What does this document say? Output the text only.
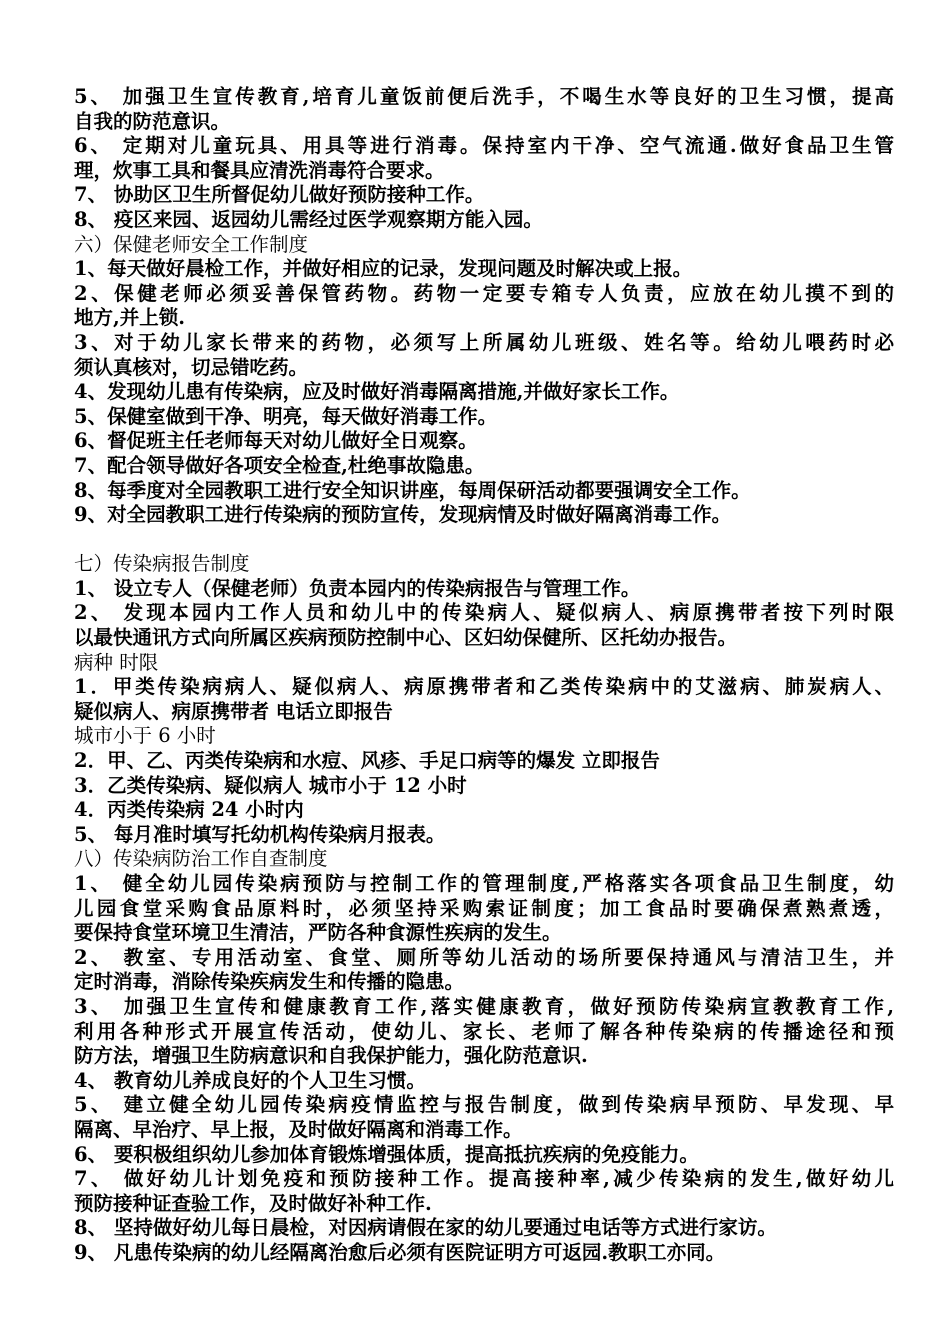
5、 加强卫生宣传教育,培育儿童饭前便后洗手，不喝生水等良好的卫生习惯，提高
自我的防范意识。
6、 定期对儿童玩具、用具等进行消毒。保持室内干净、空气流通.做好食品卫生管
理，炊事工具和餐具应清洗消毒符合要求。
7、 协助区卫生所督促幼儿做好预防接种工作。
8、 疫区来园、返园幼儿需经过医学观察期方能入园。
六）保健老师安全工作制度
1、每天做好晨检工作，并做好相应的记录，发现问题及时解决或上报。
2、保健老师必须妥善保管药物。药物一定要专箱专人负责，应放在幼儿摸不到的
地方,并上锁.
3、对于幼儿家长带来的药物，必须写上所属幼儿班级、姓名等。给幼儿喂药时必
须认真核对，切忌错吃药。
4、发现幼儿患有传染病，应及时做好消毒隔离措施,并做好家长工作。
5、保健室做到干净、明亮，每天做好消毒工作。
6、督促班主任老师每天对幼儿做好全日观察。
7、配合领导做好各项安全检查,杜绝事故隐患。
8、每季度对全园教职工进行安全知识讲座，每周保研活动都要强调安全工作。
9、对全园教职工进行传染病的预防宣传，发现病情及时做好隔离消毒工作。
七）传染病报告制度
1、 设立专人（保健老师）负责本园内的传染病报告与管理工作。
2、 发现本园内工作人员和幼儿中的传染病人、疑似病人、病原携带者按下列时限
以最快通讯方式向所属区疾病预防控制中心、区妇幼保健所、区托幼办报告。
病种 时限
1．甲类传染病病人、疑似病人、病原携带者和乙类传染病中的艾滋病、肺炭病人、
疑似病人、病原携带者 电话立即报告
城市小于 6 小时
2．甲、乙、丙类传染病和水痘、风疹、手足口病等的爆发 立即报告
3．乙类传染病、疑似病人 城市小于 12 小时
4．丙类传染病 24 小时内
5、 每月准时填写托幼机构传染病月报表。
八）传染病防治工作自查制度
1、 健全幼儿园传染病预防与控制工作的管理制度,严格落实各项食品卫生制度，幼
儿园食堂采购食品原料时，必须坚持采购索证制度；加工食品时要确保煮熟煮透，
要保持食堂环境卫生清洁，严防各种食源性疾病的发生。
2、 教室、专用活动室、食堂、厕所等幼儿活动的场所要保持通风与清洁卫生，并
定时消毒，消除传染疾病发生和传播的隐患。
3、 加强卫生宣传和健康教育工作,落实健康教育，做好预防传染病宣教教育工作,
利用各种形式开展宣传活动，使幼儿、家长、老师了解各种传染病的传播途径和预
防方法，增强卫生防病意识和自我保护能力，强化防范意识.
4、 教育幼儿养成良好的个人卫生习惯。
5、 建立健全幼儿园传染病疫情监控与报告制度，做到传染病早预防、早发现、早
隔离、早治疗、早上报，及时做好隔离和消毒工作。
6、 要积极组织幼儿参加体育锻炼增强体质，提高抵抗疾病的免疫能力。
7、 做好幼儿计划免疫和预防接种工作。提高接种率,减少传染病的发生,做好幼儿
预防接种证查验工作，及时做好补种工作.
8、 坚持做好幼儿每日晨检，对因病请假在家的幼儿要通过电话等方式进行家访。
9、 凡患传染病的幼儿经隔离治愈后必须有医院证明方可返园.教职工亦同。
